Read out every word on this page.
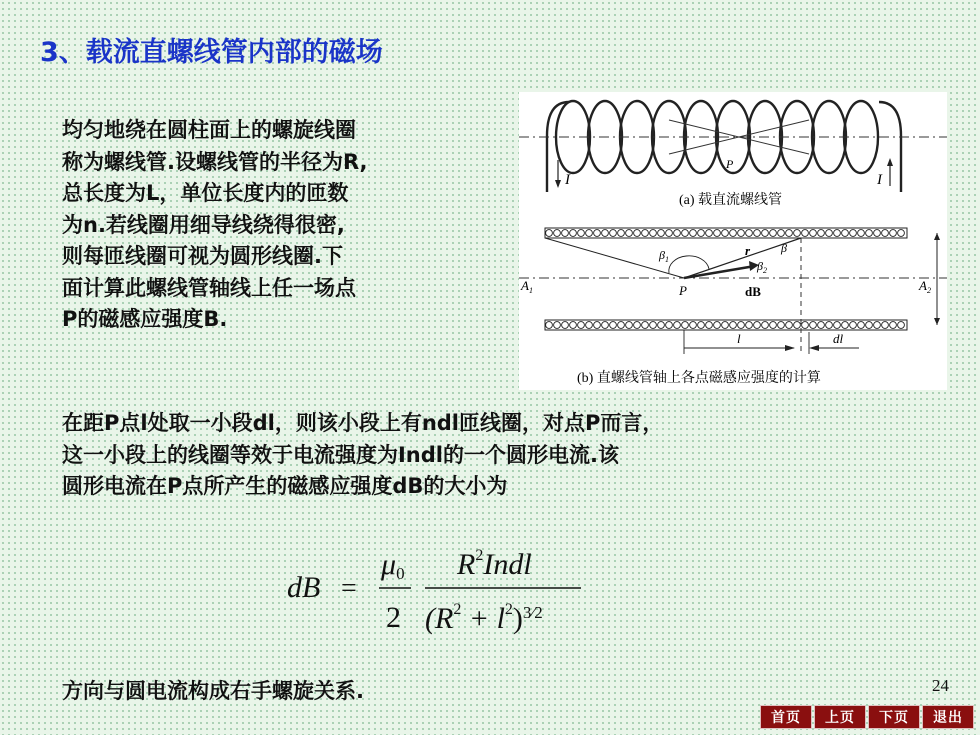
3、载流直螺线管内部的磁场
均匀地绕在圆柱面上的螺旋线圈
称为螺线管.设螺线管的半径为R,
总长度为L，单位长度内的匝数
为n.若线圈用细导线绕得很密,
则每匝线圈可视为圆形线圈.下
面计算此螺线管轴线上任一场点
P的磁感应强度B.
I	I
P
(a) 载直流螺线管
$\beta_1$
r	β
$\beta_2$
$A_1$	$A_2$
P	dB
l	dl
(b) 直螺线管轴上各点磁感应强度的计算
在距P点l处取一小段dl，则该小段上有ndl匝线圈，对点P而言，
这一小段上的线圈等效于电流强度为Indl的一个圆形电流.该
圆形电流在P点所产生的磁感应强度dB的大小为
dB =
μ0
2
$R^2Indl$
$(R^2 + l^2)^{3⁄2}$
方向与圆电流构成右手螺旋关系.	24
首页	上页	下页	退出
